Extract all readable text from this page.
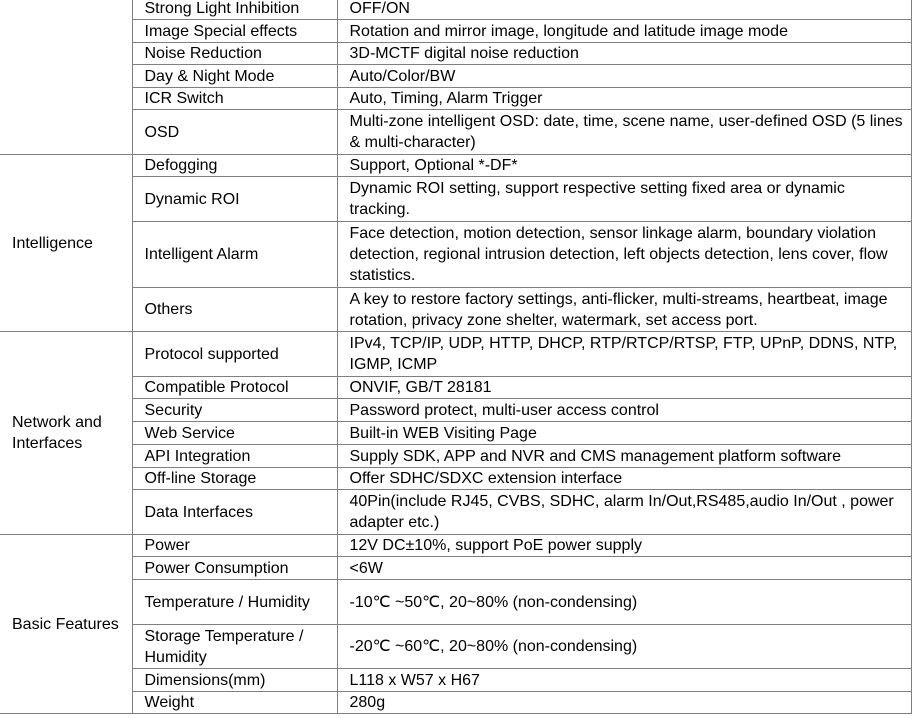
	Strong Light Inhibition	OFF/ON
	Image Special effects	Rotation and mirror image, longitude and latitude image mode
	Noise Reduction	3D-MCTF digital noise reduction
	Day & Night Mode	Auto/Color/BW
	ICR Switch	Auto, Timing, Alarm Trigger
	OSD	Multi-zone intelligent OSD: date, time, scene name, user-defined OSD (5 lines & multi-character)
Intelligence	Defogging	Support, Optional *-DF*
	Dynamic ROI	Dynamic ROI setting, support respective setting fixed area or dynamic tracking.
	Intelligent Alarm	Face detection, motion detection, sensor linkage alarm, boundary violation detection, regional intrusion detection, left objects detection, lens cover, flow statistics.
	Others	A key to restore factory settings, anti-flicker, multi-streams, heartbeat, image rotation, privacy zone shelter, watermark, set access port.
Network and Interfaces	Protocol supported	IPv4, TCP/IP, UDP, HTTP, DHCP, RTP/RTCP/RTSP, FTP, UPnP, DDNS, NTP, IGMP, ICMP
	Compatible Protocol	ONVIF, GB/T 28181
	Security	Password protect, multi-user access control
	Web Service	Built-in WEB Visiting Page
	API Integration	Supply SDK, APP and NVR and CMS management platform software
	Off-line Storage	Offer SDHC/SDXC extension interface
	Data Interfaces	40Pin(include RJ45, CVBS, SDHC, alarm In/Out,RS485,audio In/Out , power adapter etc.)
Basic Features	Power	12V DC±10%, support PoE power supply
	Power Consumption	<6W
	Temperature / Humidity	-10℃ ~50℃, 20~80% (non-condensing)
	Storage Temperature / Humidity	-20℃ ~60℃, 20~80% (non-condensing)
	Dimensions(mm)	L118 x W57 x H67
	Weight	280g
